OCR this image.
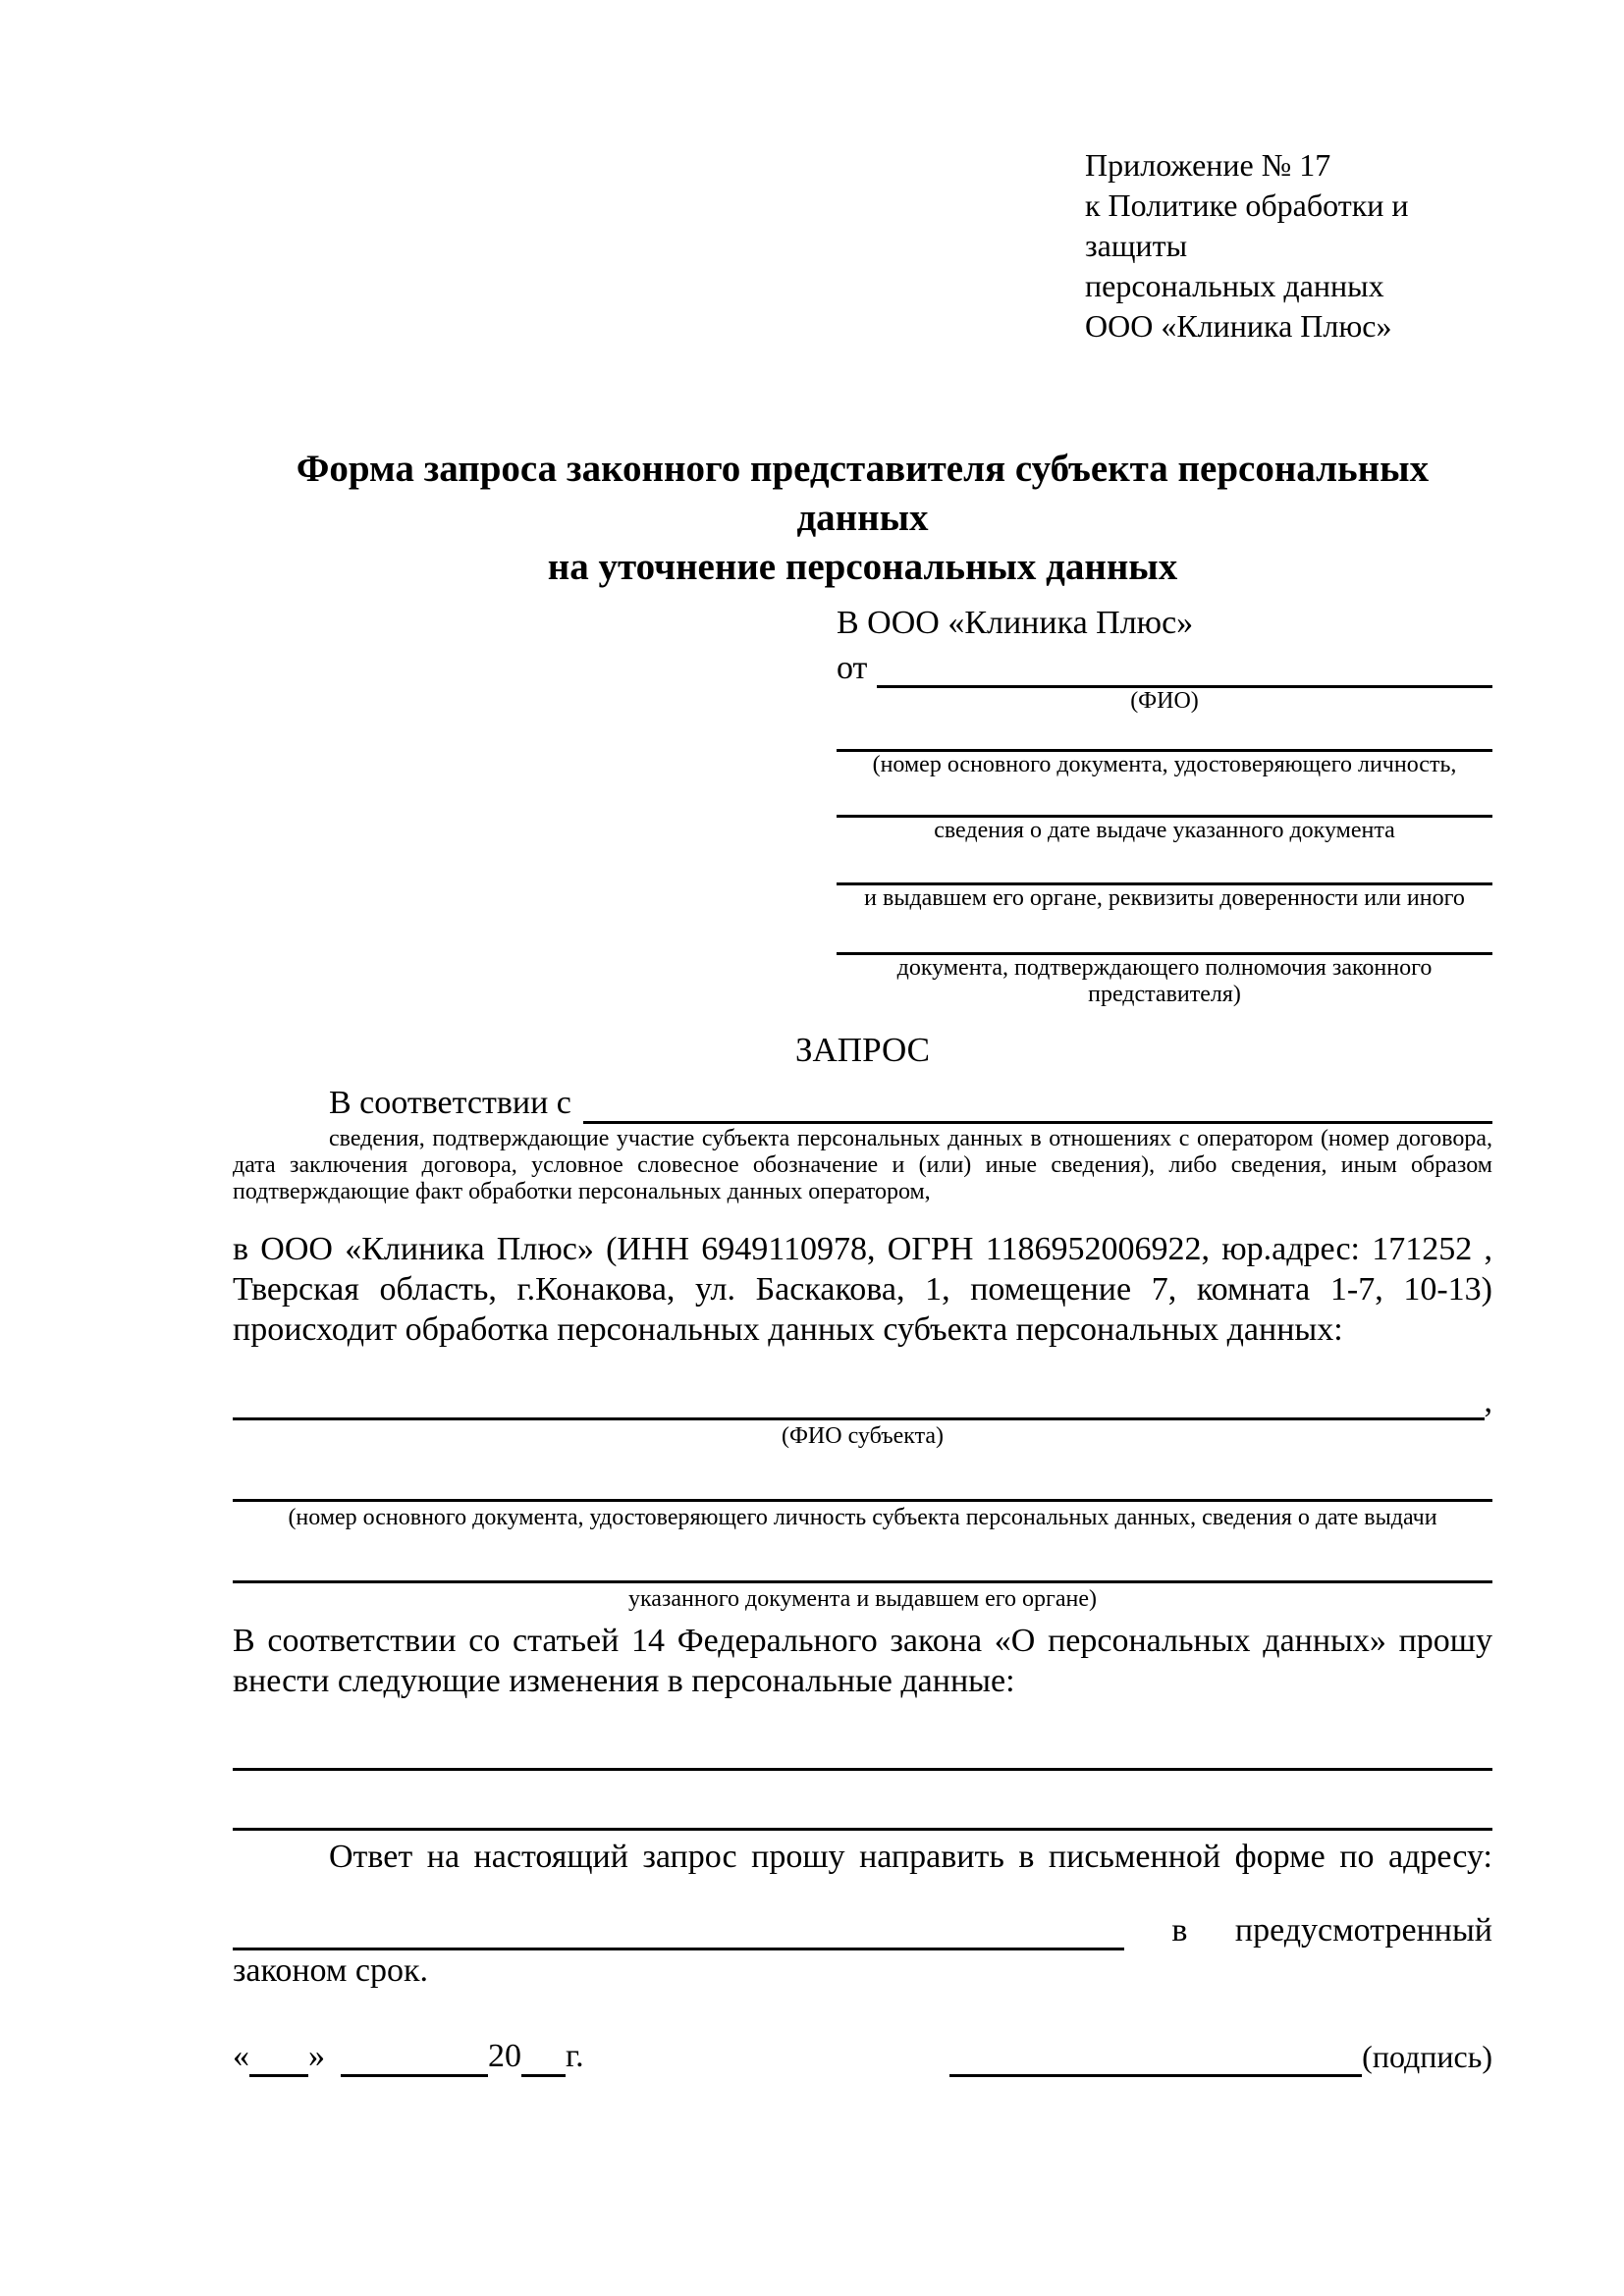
Приложение № 17
к Политике обработки и защиты
персональных данных
ООО «Клиника Плюс»
Форма запроса законного представителя субъекта персональных данных
на уточнение персональных данных
В ООО «Клиника Плюс»
от
(ФИО)
(номер основного документа, удостоверяющего личность,
сведения о дате выдаче указанного документа
и выдавшем его органе, реквизиты доверенности или иного
документа, подтверждающего полномочия законного представителя)
ЗАПРОС
В соответствии с

сведения, подтверждающие участие субъекта персональных данных в отношениях с оператором (номер договора, дата заключения договора, условное словесное обозначение и (или) иные сведения), либо сведения, иным образом подтверждающие факт обработки персональных данных оператором,

в ООО «Клиника Плюс» (ИНН 6949110978, ОГРН 1186952006922, юр.адрес: 171252 , Тверская область, г.Конакова, ул. Баскакова, 1, помещение 7, комната 1-7, 10-13) происходит обработка персональных данных субъекта персональных данных:

,
(ФИО субъекта)
(номер основного документа, удостоверяющего личность субъекта персональных данных, сведения о дате выдачи
указанного документа и выдавшем его органе)

В соответствии со статьей 14 Федерального закона «О персональных данных» прошу внести следующие изменения в персональные данные:

Ответ на настоящий запрос прошу направить в письменной форме по адресу:

в предусмотренный
законом срок.
« »	20 г.	(подпись)
